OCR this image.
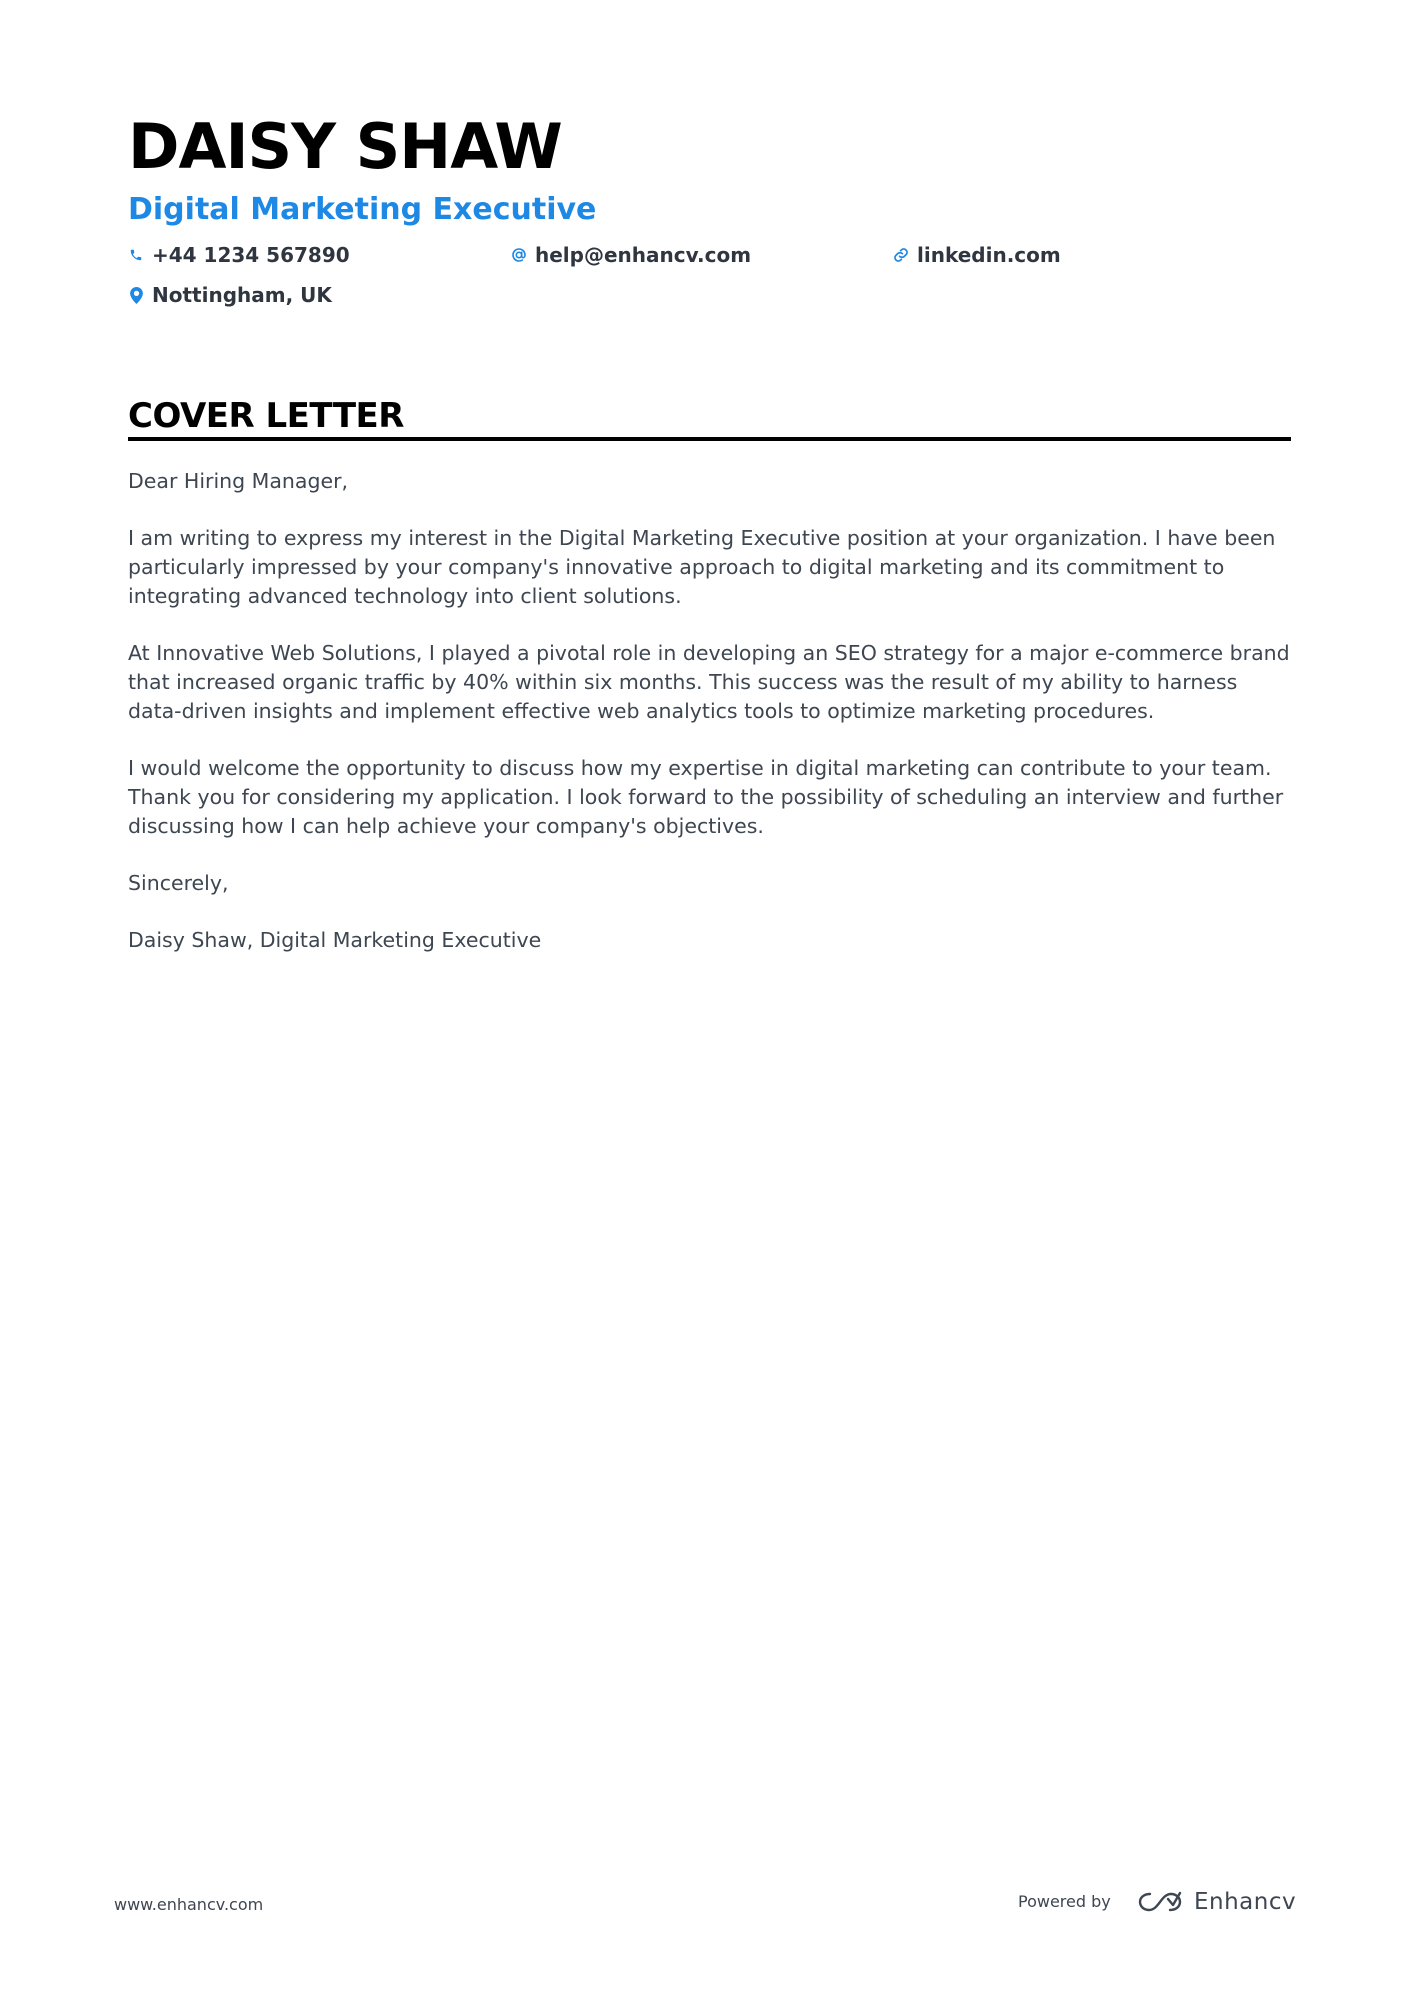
DAISY SHAW
Digital Marketing Executive
+44 1234 567890	help@enhancv.com	linkedin.com
Nottingham, UK
COVER LETTER

Dear Hiring Manager,

I am writing to express my interest in the Digital Marketing Executive position at your organization. I have been particularly impressed by your company's innovative approach to digital marketing and its commitment to integrating advanced technology into client solutions.

At Innovative Web Solutions, I played a pivotal role in developing an SEO strategy for a major e-commerce brand that increased organic traffic by 40% within six months. This success was the result of my ability to harness data-driven insights and implement effective web analytics tools to optimize marketing procedures.

I would welcome the opportunity to discuss how my expertise in digital marketing can contribute to your team. Thank you for considering my application. I look forward to the possibility of scheduling an interview and further discussing how I can help achieve your company's objectives.

Sincerely,

Daisy Shaw, Digital Marketing Executive

www.enhancv.com	Powered by	Enhancv
